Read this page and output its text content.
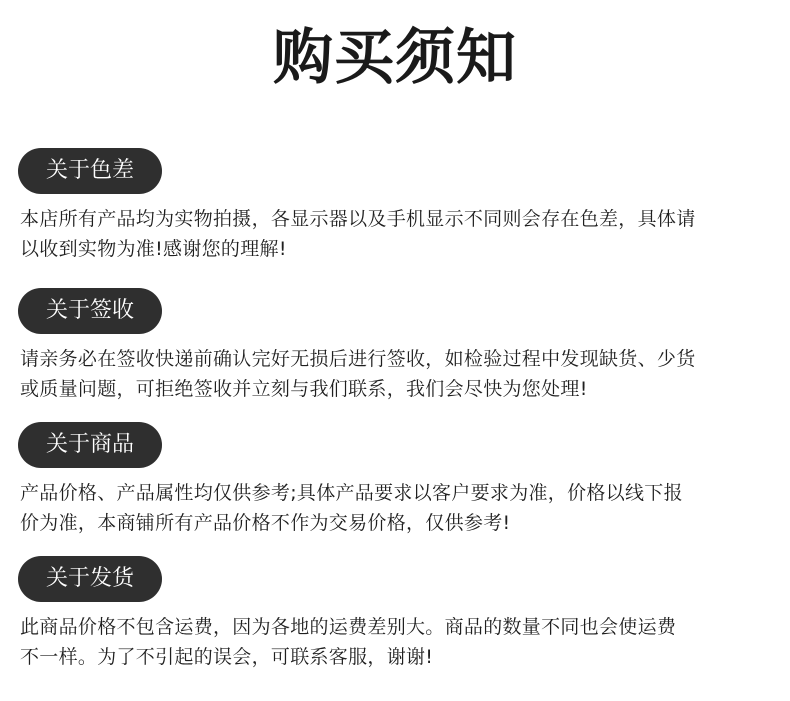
购买须知
关于色差
本店所有产品均为实物拍摄，各显示器以及手机显示不同则会存在色差，具体请
以收到实物为准!感谢您的理解!
关于签收
请亲务必在签收快递前确认完好无损后进行签收，如检验过程中发现缺货、少货
或质量问题，可拒绝签收并立刻与我们联系，我们会尽快为您处理!
关于商品
产品价格、产品属性均仅供参考;具体产品要求以客户要求为准，价格以线下报
价为准，本商铺所有产品价格不作为交易价格，仅供参考!
关于发货
此商品价格不包含运费，因为各地的运费差别大。商品的数量不同也会使运费
不一样。为了不引起的误会，可联系客服，谢谢!
